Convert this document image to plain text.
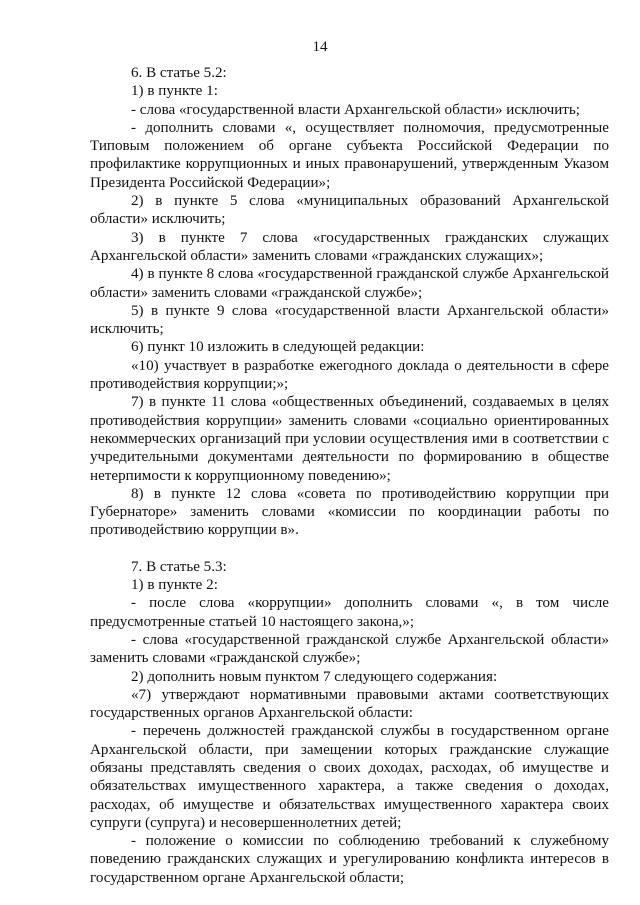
14

6. В статье 5.2:

1) в пункте 1:

- слова «государственной власти Архангельской области» исключить;

- дополнить словами «, осуществляет полномочия, предусмотренные Типовым положением об органе субъекта Российской Федерации по профилактике коррупционных и иных правонарушений, утвержденным Указом Президента Российской Федерации»;

2) в пункте 5 слова «муниципальных образований Архангельской области» исключить;

3) в пункте 7 слова «государственных гражданских служащих Архангельской области» заменить словами «гражданских служащих»;

4) в пункте 8 слова «государственной гражданской службе Архангельской области» заменить словами «гражданской службе»;

5) в пункте 9 слова «государственной власти Архангельской области» исключить;

6) пункт 10 изложить в следующей редакции:

«10) участвует в разработке ежегодного доклада о деятельности в сфере противодействия коррупции;»;

7) в пункте 11 слова «общественных объединений, создаваемых в целях противодействия коррупции» заменить словами «социально ориентированных некоммерческих организаций при условии осуществления ими в соответствии с учредительными документами деятельности по формированию в обществе нетерпимости к коррупционному поведению»;

8) в пункте 12 слова «совета по противодействию коррупции при Губернаторе» заменить словами «комиссии по координации работы по противодействию коррупции в».

7. В статье 5.3:

1) в пункте 2:

- после слова «коррупции» дополнить словами «, в том числе предусмотренные статьей 10 настоящего закона,»;

- слова «государственной гражданской службе Архангельской области» заменить словами «гражданской службе»;

2) дополнить новым пунктом 7 следующего содержания:

«7) утверждают нормативными правовыми актами соответствующих государственных органов Архангельской области:

- перечень должностей гражданской службы в государственном органе Архангельской области, при замещении которых гражданские служащие обязаны представлять сведения о своих доходах, расходах, об имуществе и обязательствах имущественного характера, а также сведения о доходах, расходах, об имуществе и обязательствах имущественного характера своих супруги (супруга) и несовершеннолетних детей;

- положение о комиссии по соблюдению требований к служебному поведению гражданских служащих и урегулированию конфликта интересов в государственном органе Архангельской области;
